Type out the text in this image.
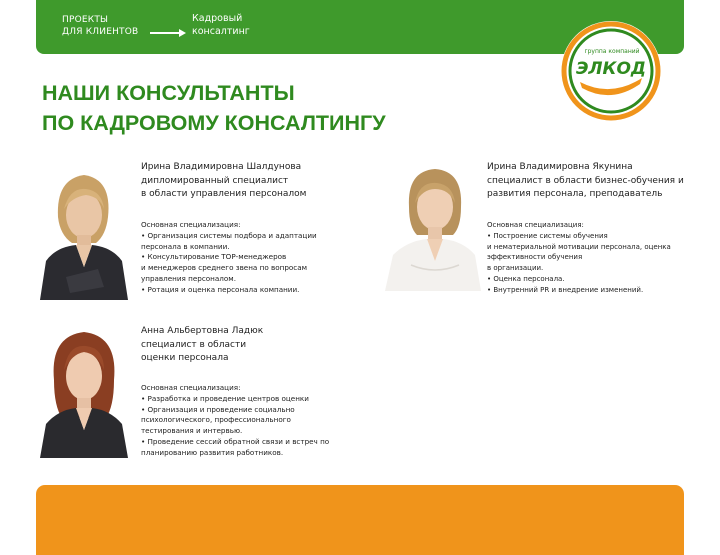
ПРОЕКТЫ
ДЛЯ КЛИЕНТОВ
Кадровый
консалтинг
группа компаний
ЭЛКОД
НАШИ КОНСУЛЬТАНТЫ
ПО КАДРОВОМУ КОНСАЛТИНГУ
Ирина Владимировна Шалдунова
дипломированный специалист
в области управления персоналом
Основная специализация:
• Организация системы подбора и адаптации
персонала в компании.
• Консультирование ТОР-менеджеров
и менеджеров среднего звена по вопросам
управления персоналом.
• Ротация и оценка персонала компании.
Ирина Владимировна Якунина
специалист в области бизнес-обучения и
развития персонала, преподаватель
Основная специализация:
• Построение системы обучения
и нематериальной мотивации персонала, оценка
эффективности обучения
в организации.
• Оценка персонала.
• Внутренний PR и внедрение изменений.
Анна Альбертовна Ладюк
специалист в области
оценки персонала
Основная специализация:
• Разработка и проведение центров оценки
• Организация и проведение социально
психологического, профессионального
тестирования и интервью.
• Проведение сессий обратной связи и встреч по
планированию развития работников.
